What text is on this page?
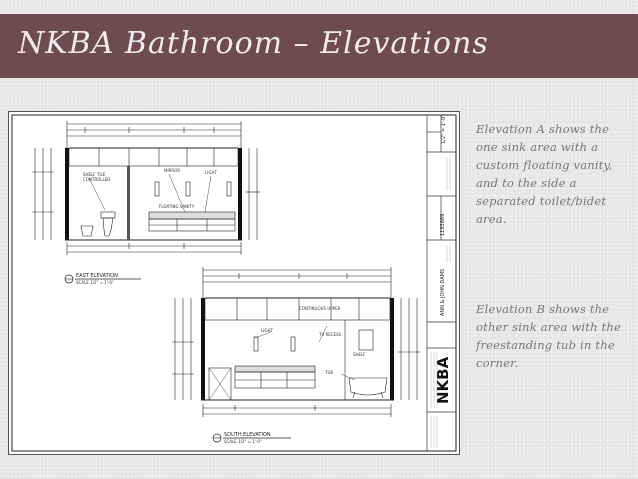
NKBA Bathroom – Elevations
1/2" = 1'-0"
1193889
ANN & JOHN DAMS
NKBA
SHELF TILE
CONTROLLED
MIRROR	LIGHT
FLOATING VANITY
EAST ELEVATION
SCALE 1/2" = 1'-0"
CONTINUOUS UPPER
LIGHT
TV RECESS
SHELF
TUB
SOUTH ELEVATION
SCALE 1/2" = 1'-0"

Elevation A shows the one sink area with a custom floating vanity, and to the side a separated toilet/bidet area.

Elevation B shows the other sink area with the freestanding tub in the corner.
